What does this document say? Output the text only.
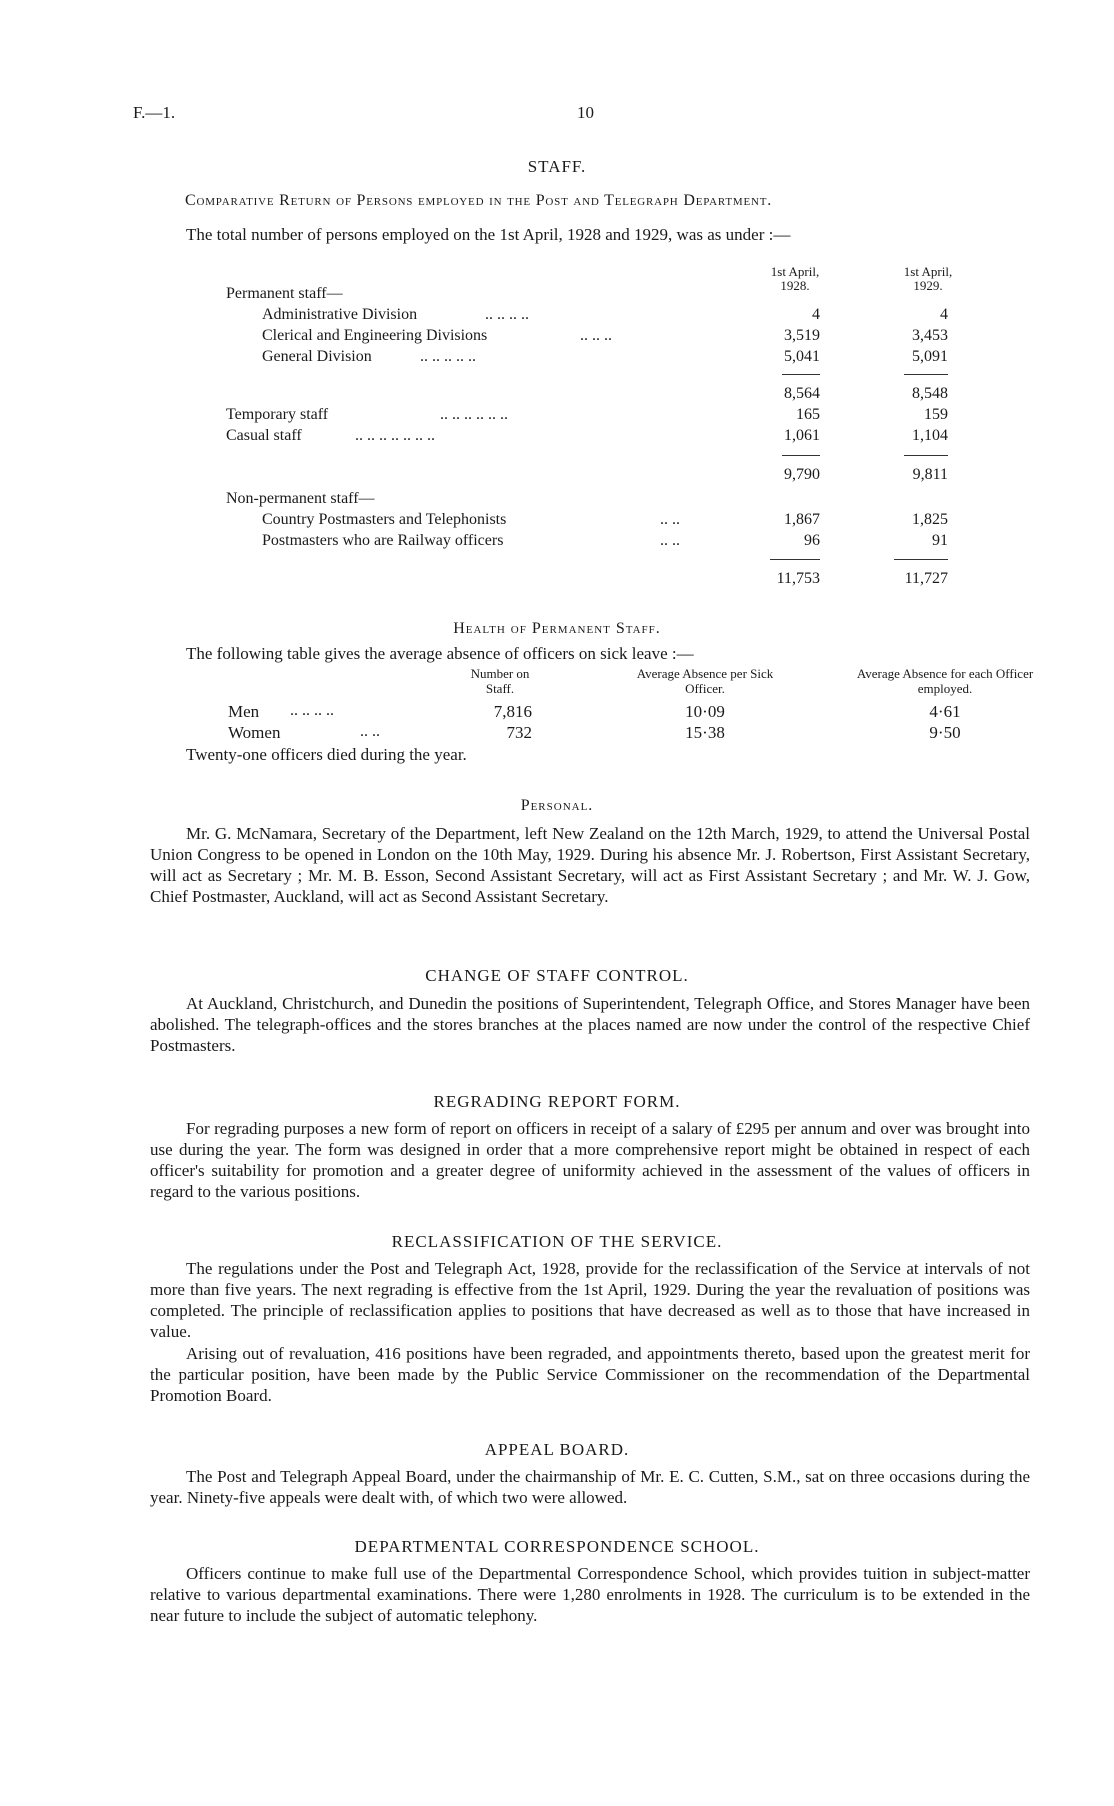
F.—1.	10
STAFF.
Comparative Return of Persons employed in the Post and Telegraph Department.
The total number of persons employed on the 1st April, 1928 and 1929, was as under :—
1st April, 1928.
1st April, 1929.
Permanent staff—
Administrative Division	.. .. .. ..	4	4
Clerical and Engineering Divisions	.. .. ..	3,519	3,453
General Division	.. .. .. .. ..	5,041	5,091
8,564	8,548
Temporary staff	.. .. .. .. .. ..	165	159
Casual staff	.. .. .. .. .. .. ..	1,061	1,104
9,790	9,811
Non-permanent staff—
Country Postmasters and Telephonists	.. ..	1,867	1,825
Postmasters who are Railway officers	.. ..	96	91
11,753	11,727
Health of Permanent Staff.
The following table gives the average absence of officers on sick leave :—
Number on Staff.
Average Absence per Sick Officer.
Average Absence for each Officer employed.
Men .. .. .. ..	7,816	10·09	4·61
Women	.. ..	732	15·38	9·50
Twenty-one officers died during the year.
Personal.
Mr. G. McNamara, Secretary of the Department, left New Zealand on the 12th March, 1929, to attend the Universal Postal Union Congress to be opened in London on the 10th May, 1929. During his absence Mr. J. Robertson, First Assistant Secretary, will act as Secretary ; Mr. M. B. Esson, Second Assistant Secretary, will act as First Assistant Secretary ; and Mr. W. J. Gow, Chief Postmaster, Auckland, will act as Second Assistant Secretary.
CHANGE OF STAFF CONTROL.
At Auckland, Christchurch, and Dunedin the positions of Superintendent, Telegraph Office, and Stores Manager have been abolished. The telegraph-offices and the stores branches at the places named are now under the control of the respective Chief Postmasters.
REGRADING REPORT FORM.
For regrading purposes a new form of report on officers in receipt of a salary of £295 per annum and over was brought into use during the year. The form was designed in order that a more comprehensive report might be obtained in respect of each officer's suitability for promotion and a greater degree of uniformity achieved in the assessment of the values of officers in regard to the various positions.
RECLASSIFICATION OF THE SERVICE.
The regulations under the Post and Telegraph Act, 1928, provide for the reclassification of the Service at intervals of not more than five years. The next regrading is effective from the 1st April, 1929. During the year the revaluation of positions was completed. The principle of reclassification applies to positions that have decreased as well as to those that have increased in value.
Arising out of revaluation, 416 positions have been regraded, and appointments thereto, based upon the greatest merit for the particular position, have been made by the Public Service Commissioner on the recommendation of the Departmental Promotion Board.
APPEAL BOARD.
The Post and Telegraph Appeal Board, under the chairmanship of Mr. E. C. Cutten, S.M., sat on three occasions during the year. Ninety-five appeals were dealt with, of which two were allowed.
DEPARTMENTAL CORRESPONDENCE SCHOOL.
Officers continue to make full use of the Departmental Correspondence School, which provides tuition in subject-matter relative to various departmental examinations. There were 1,280 enrolments in 1928. The curriculum is to be extended in the near future to include the subject of automatic telephony.
